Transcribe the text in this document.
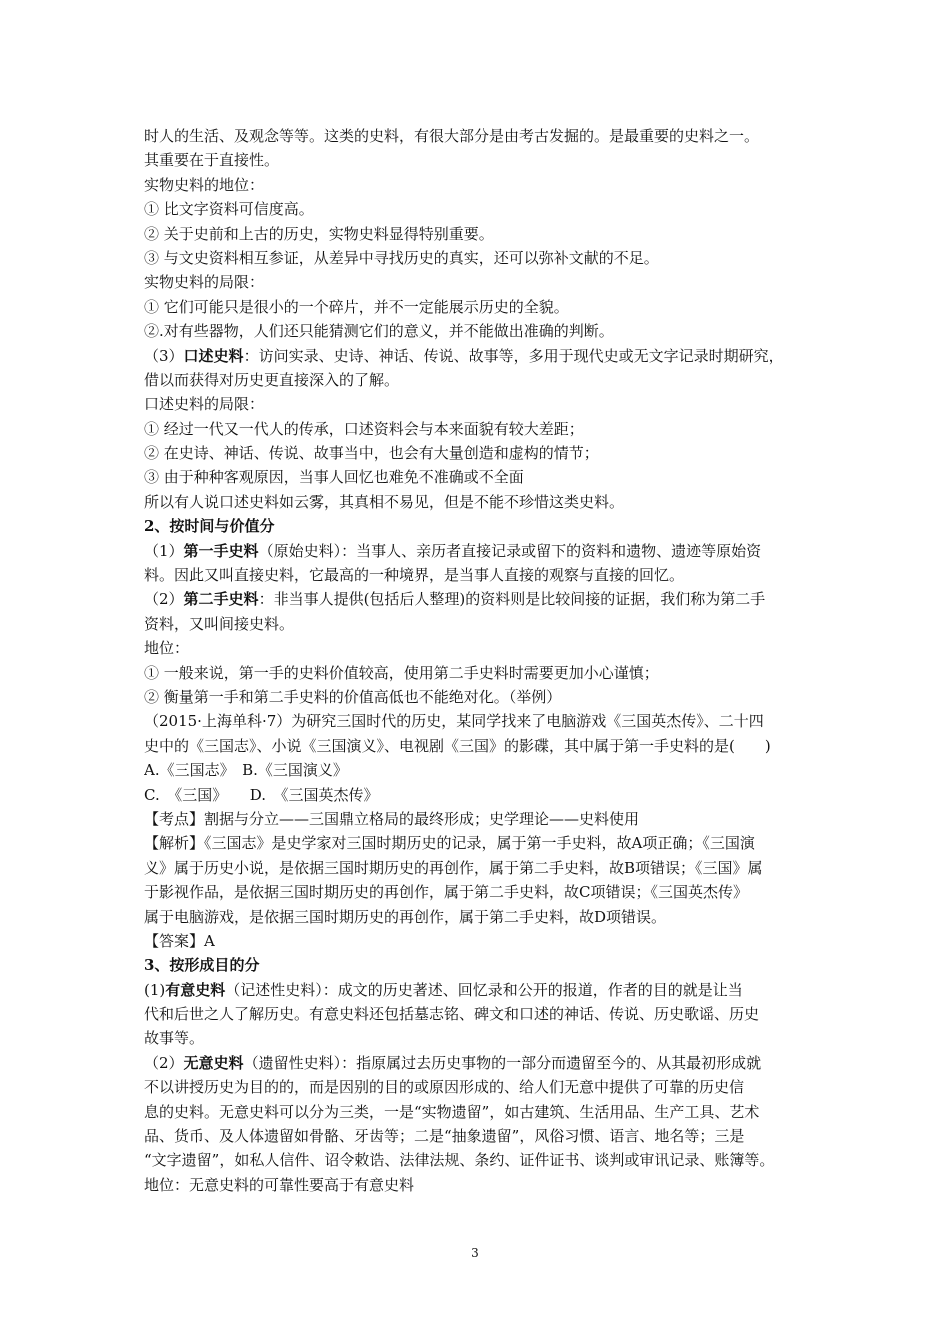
时人的生活、及观念等等。这类的史料，有很大部分是由考古发掘的。是最重要的史料之一。
其重要在于直接性。
实物史料的地位：
① 比文字资料可信度高。
② 关于史前和上古的历史，实物史料显得特别重要。
③ 与文史资料相互参证，从差异中寻找历史的真实，还可以弥补文献的不足。
实物史料的局限：
① 它们可能只是很小的一个碎片，并不一定能展示历史的全貌。
②.对有些器物，人们还只能猜测它们的意义，并不能做出准确的判断。
（3）口述史料：访问实录、史诗、神话、传说、故事等，多用于现代史或无文字记录时期研究，
借以而获得对历史更直接深入的了解。
口述史料的局限：
① 经过一代又一代人的传承，口述资料会与本来面貌有较大差距；
② 在史诗、神话、传说、故事当中，也会有大量创造和虚构的情节；
③ 由于种种客观原因，当事人回忆也难免不准确或不全面
所以有人说口述史料如云雾，其真相不易见，但是不能不珍惜这类史料。
2、按时间与价值分
（1）第一手史料（原始史料）：当事人、亲历者直接记录或留下的资料和遗物、遗迹等原始资
料。因此又叫直接史料，它最高的一种境界，是当事人直接的观察与直接的回忆。
（2）第二手史料：非当事人提供(包括后人整理)的资料则是比较间接的证据，我们称为第二手
资料，又叫间接史料。
地位：
① 一般来说，第一手的史料价值较高，使用第二手史料时需要更加小心谨慎；
② 衡量第一手和第二手史料的价值高低也不能绝对化。（举例）
（2015·上海单科·7）为研究三国时代的历史，某同学找来了电脑游戏《三国英杰传》、二十四
史中的《三国志》、小说《三国演义》、电视剧《三国》的影碟，其中属于第一手史料的是(　　)
A.《三国志》　B.《三国演义》
C.　《三国》　　D.　《三国英杰传》
【考点】割据与分立——三国鼎立格局的最终形成；史学理论——史料使用
【解析】《三国志》是史学家对三国时期历史的记录，属于第一手史料，故A项正确；《三国演
义》属于历史小说，是依据三国时期历史的再创作，属于第二手史料，故B项错误；《三国》属
于影视作品，是依据三国时期历史的再创作，属于第二手史料，故C项错误；《三国英杰传》
属于电脑游戏，是依据三国时期历史的再创作，属于第二手史料，故D项错误。
【答案】A
3、按形成目的分
(1)有意史料（记述性史料）：成文的历史著述、回忆录和公开的报道，作者的目的就是让当
代和后世之人了解历史。有意史料还包括墓志铭、碑文和口述的神话、传说、历史歌谣、历史
故事等。
（2）无意史料（遗留性史料）：指原属过去历史事物的一部分而遗留至今的、从其最初形成就
不以讲授历史为目的的，而是因别的目的或原因形成的、给人们无意中提供了可靠的历史信
息的史料。无意史料可以分为三类，一是“实物遗留”，如古建筑、生活用品、生产工具、艺术
品、货币、及人体遗留如骨骼、牙齿等；二是“抽象遗留”，风俗习惯、语言、地名等；三是
“文字遗留”，如私人信件、诏令敕诰、法律法规、条约、证件证书、谈判或审讯记录、账簿等。
地位：无意史料的可靠性要高于有意史料
3
